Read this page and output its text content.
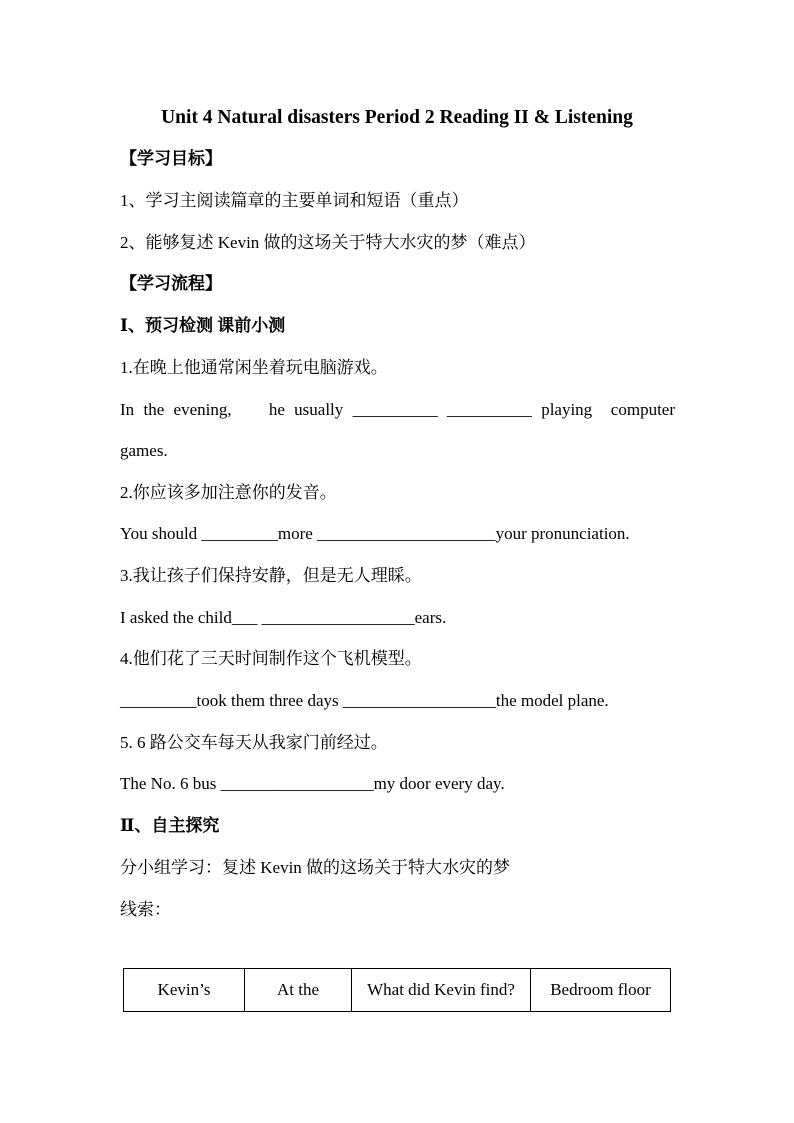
Unit 4 Natural disasters Period 2 Reading II & Listening
【学习目标】
1、学习主阅读篇章的主要单词和短语（重点）
2、能够复述 Kevin 做的这场关于特大水灾的梦（难点）
【学习流程】
Ⅰ、预习检测 课前小测
1.在晚上他通常闲坐着玩电脑游戏。
In the evening,    he usually __________ __________ playing  computer
games.
2.你应该多加注意你的发音。
You should _________more _____________________your pronunciation.
3.我让孩子们保持安静，但是无人理睬。
I asked the child___ __________________ears.
4.他们花了三天时间制作这个飞机模型。
_________took them three days __________________the model plane.
5. 6 路公交车每天从我家门前经过。
The No. 6 bus __________________my door every day.
Ⅱ、自主探究
分小组学习：复述 Kevin 做的这场关于特大水灾的梦
线索：
Kevin’s	At the	What did Kevin find?	Bedroom floor
